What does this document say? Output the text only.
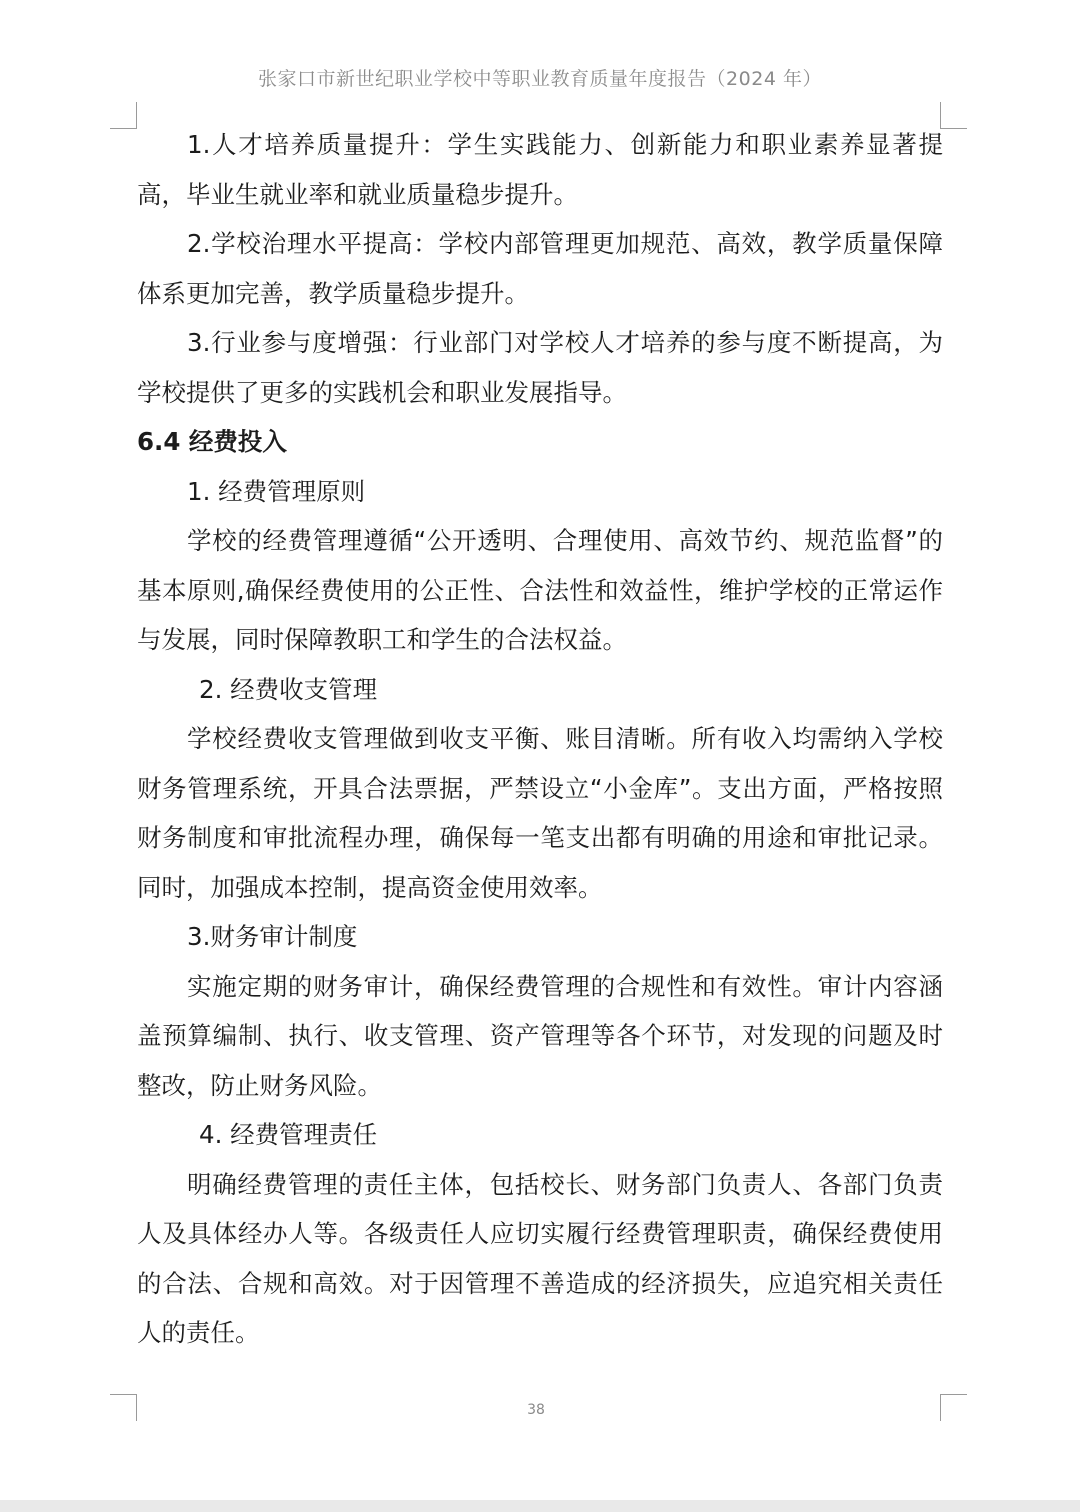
张家口市新世纪职业学校中等职业教育质量年度报告（2024 年）

1.人才培养质量提升：学生实践能力、创新能力和职业素养显著提高，毕业生就业率和就业质量稳步提升。

2.学校治理水平提高：学校内部管理更加规范、高效，教学质量保障体系更加完善，教学质量稳步提升。

3.行业参与度增强：行业部门对学校人才培养的参与度不断提高，为学校提供了更多的实践机会和职业发展指导。

6.4 经费投入

1. 经费管理原则

学校的经费管理遵循“公开透明、合理使用、高效节约、规范监督”的基本原则,确保经费使用的公正性、合法性和效益性，维护学校的正常运作与发展，同时保障教职工和学生的合法权益。

2. 经费收支管理

学校经费收支管理做到收支平衡、账目清晰。所有收入均需纳入学校财务管理系统，开具合法票据，严禁设立“小金库”。支出方面，严格按照财务制度和审批流程办理，确保每一笔支出都有明确的用途和审批记录。同时，加强成本控制，提高资金使用效率。

3.财务审计制度

实施定期的财务审计，确保经费管理的合规性和有效性。审计内容涵盖预算编制、执行、收支管理、资产管理等各个环节，对发现的问题及时整改，防止财务风险。

4. 经费管理责任

明确经费管理的责任主体，包括校长、财务部门负责人、各部门负责人及具体经办人等。各级责任人应切实履行经费管理职责，确保经费使用的合法、合规和高效。对于因管理不善造成的经济损失，应追究相关责任人的责任。

38
